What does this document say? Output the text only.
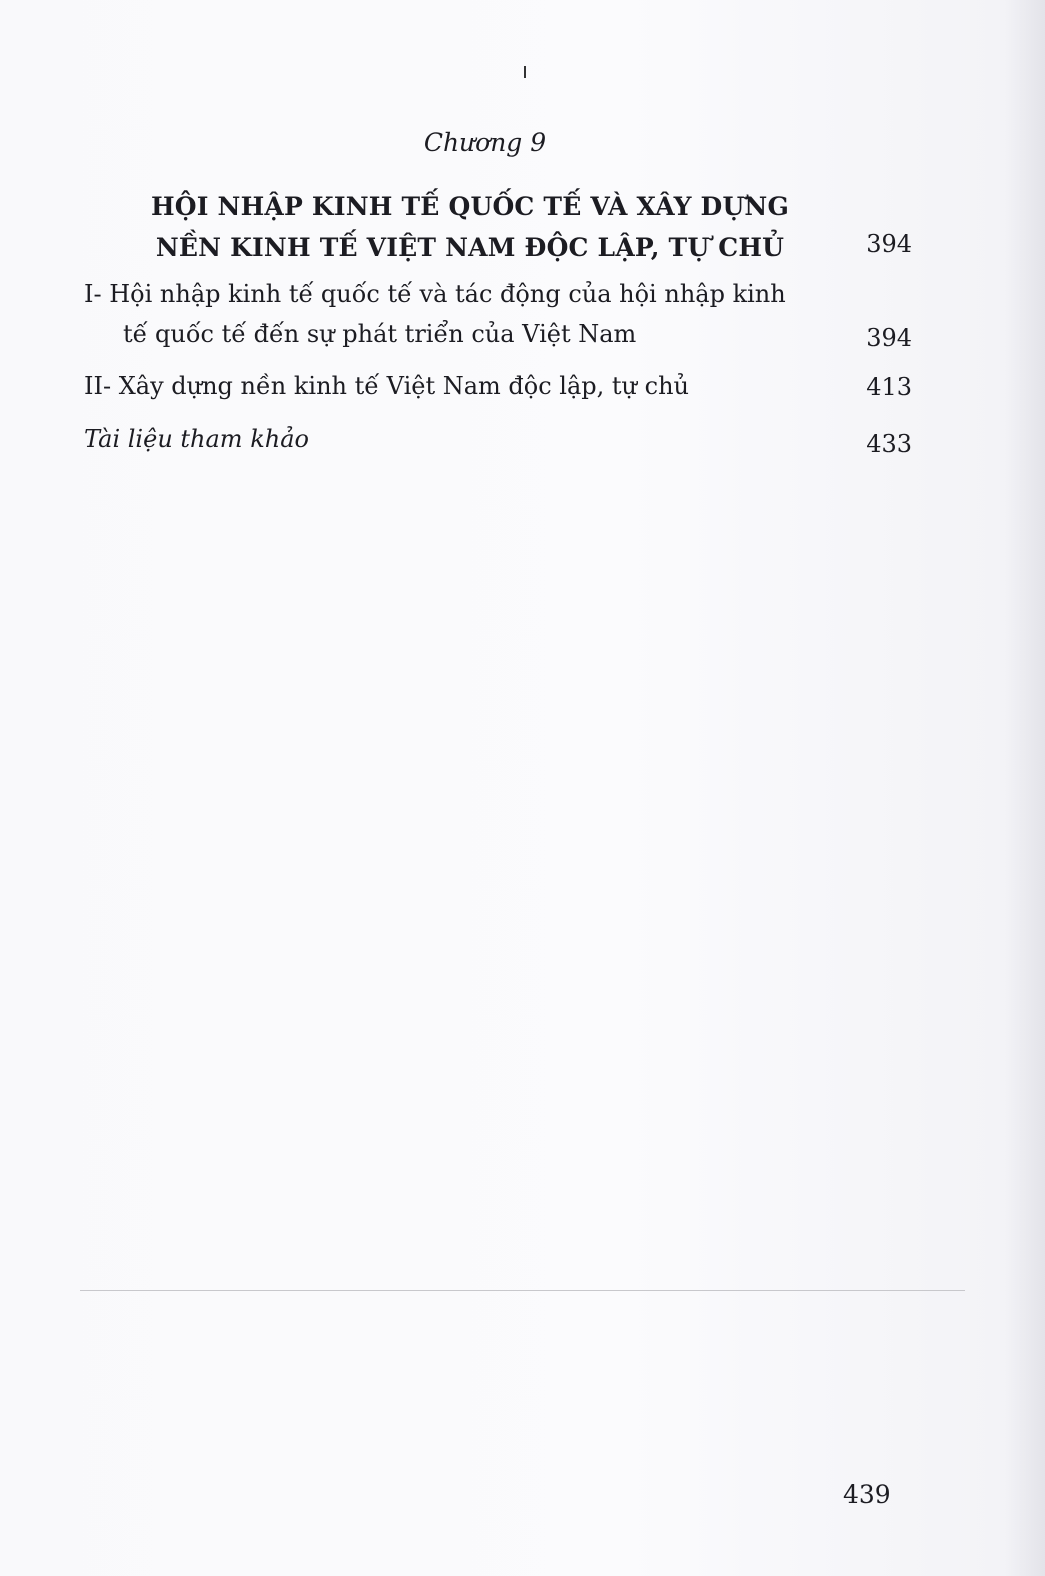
Chương 9
HỘI NHẬP KINH TẾ QUỐC TẾ VÀ XÂY DỰNG
NỀN KINH TẾ VIỆT NAM ĐỘC LẬP, TỰ CHỦ	394
I- Hội nhập kinh tế quốc tế và tác động của hội nhập kinh
tế quốc tế đến sự phát triển của Việt Nam	394
II- Xây dựng nền kinh tế Việt Nam độc lập, tự chủ	413
Tài liệu tham khảo	433
439
